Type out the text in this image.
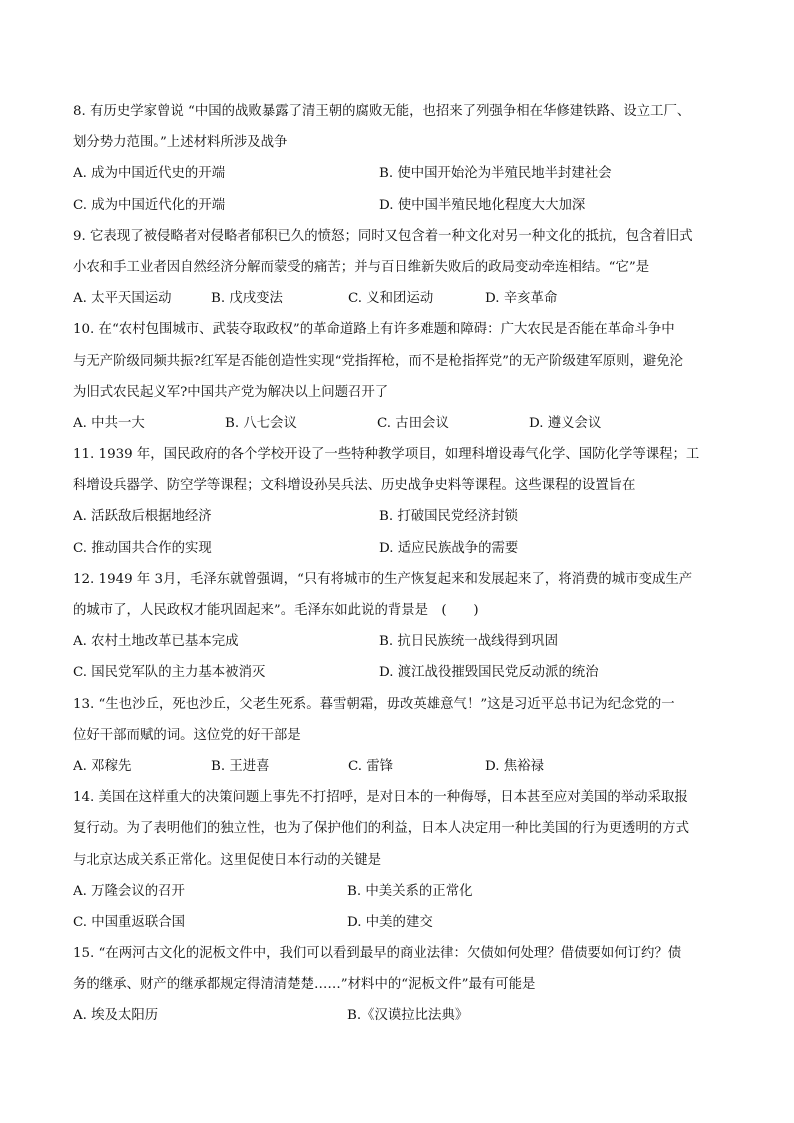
8. 有历史学家曾说 “中国的战败暴露了清王朝的腐败无能，也招来了列强争相在华修建铁路、设立工厂、
划分势力范围。”上述材料所涉及战争
A. 成为中国近代史的开端	B. 使中国开始沦为半殖民地半封建社会
C. 成为中国近代化的开端	D. 使中国半殖民地化程度大大加深
9. 它表现了被侵略者对侵略者郁积已久的愤怒；同时又包含着一种文化对另一种文化的抵抗，包含着旧式
小农和手工业者因自然经济分解而蒙受的痛苦；并与百日维新失败后的政局变动牵连相结。“它”是
A. 太平天国运动	B. 戊戌变法	C. 义和团运动	D. 辛亥革命
10. 在“农村包围城市、武装夺取政权”的革命道路上有许多难题和障碍：广大农民是否能在革命斗争中
与无产阶级同频共振?红军是否能创造性实现“党指挥枪，而不是枪指挥党”的无产阶级建军原则，避免沦
为旧式农民起义军?中国共产党为解决以上问题召开了
A. 中共一大	B. 八七会议	C. 古田会议	D. 遵义会议
11. 1939 年，国民政府的各个学校开设了一些特种教学项目，如理科增设毒气化学、国防化学等课程；工
科增设兵器学、防空学等课程；文科增设孙吴兵法、历史战争史料等课程。这些课程的设置旨在
A. 活跃敌后根据地经济	B. 打破国民党经济封锁
C. 推动国共合作的实现	D. 适应民族战争的需要
12. 1949 年 3月，毛泽东就曾强调，“只有将城市的生产恢复起来和发展起来了，将消费的城市变成生产
的城市了，人民政权才能巩固起来”。毛泽东如此说的背景是　(　　)
A. 农村土地改革已基本完成	B. 抗日民族统一战线得到巩固
C. 国民党军队的主力基本被消灭	D. 渡江战役摧毁国民党反动派的统治
13. “生也沙丘，死也沙丘，父老生死系。暮雪朝霜，毋改英雄意气！”这是习近平总书记为纪念党的一
位好干部而赋的词。这位党的好干部是
A. 邓稼先	B. 王进喜	C. 雷锋	D. 焦裕禄
14. 美国在这样重大的决策问题上事先不打招呼，是对日本的一种侮辱，日本甚至应对美国的举动采取报
复行动。为了表明他们的独立性，也为了保护他们的利益，日本人决定用一种比美国的行为更透明的方式
与北京达成关系正常化。这里促使日本行动的关键是
A. 万隆会议的召开	B. 中美关系的正常化
C. 中国重返联合国	D. 中美的建交
15. “在两河古文化的泥板文件中，我们可以看到最早的商业法律：欠债如何处理？借债要如何订约？债
务的继承、财产的继承都规定得清清楚楚……”材料中的“泥板文件”最有可能是
A. 埃及太阳历	B.《汉谟拉比法典》
